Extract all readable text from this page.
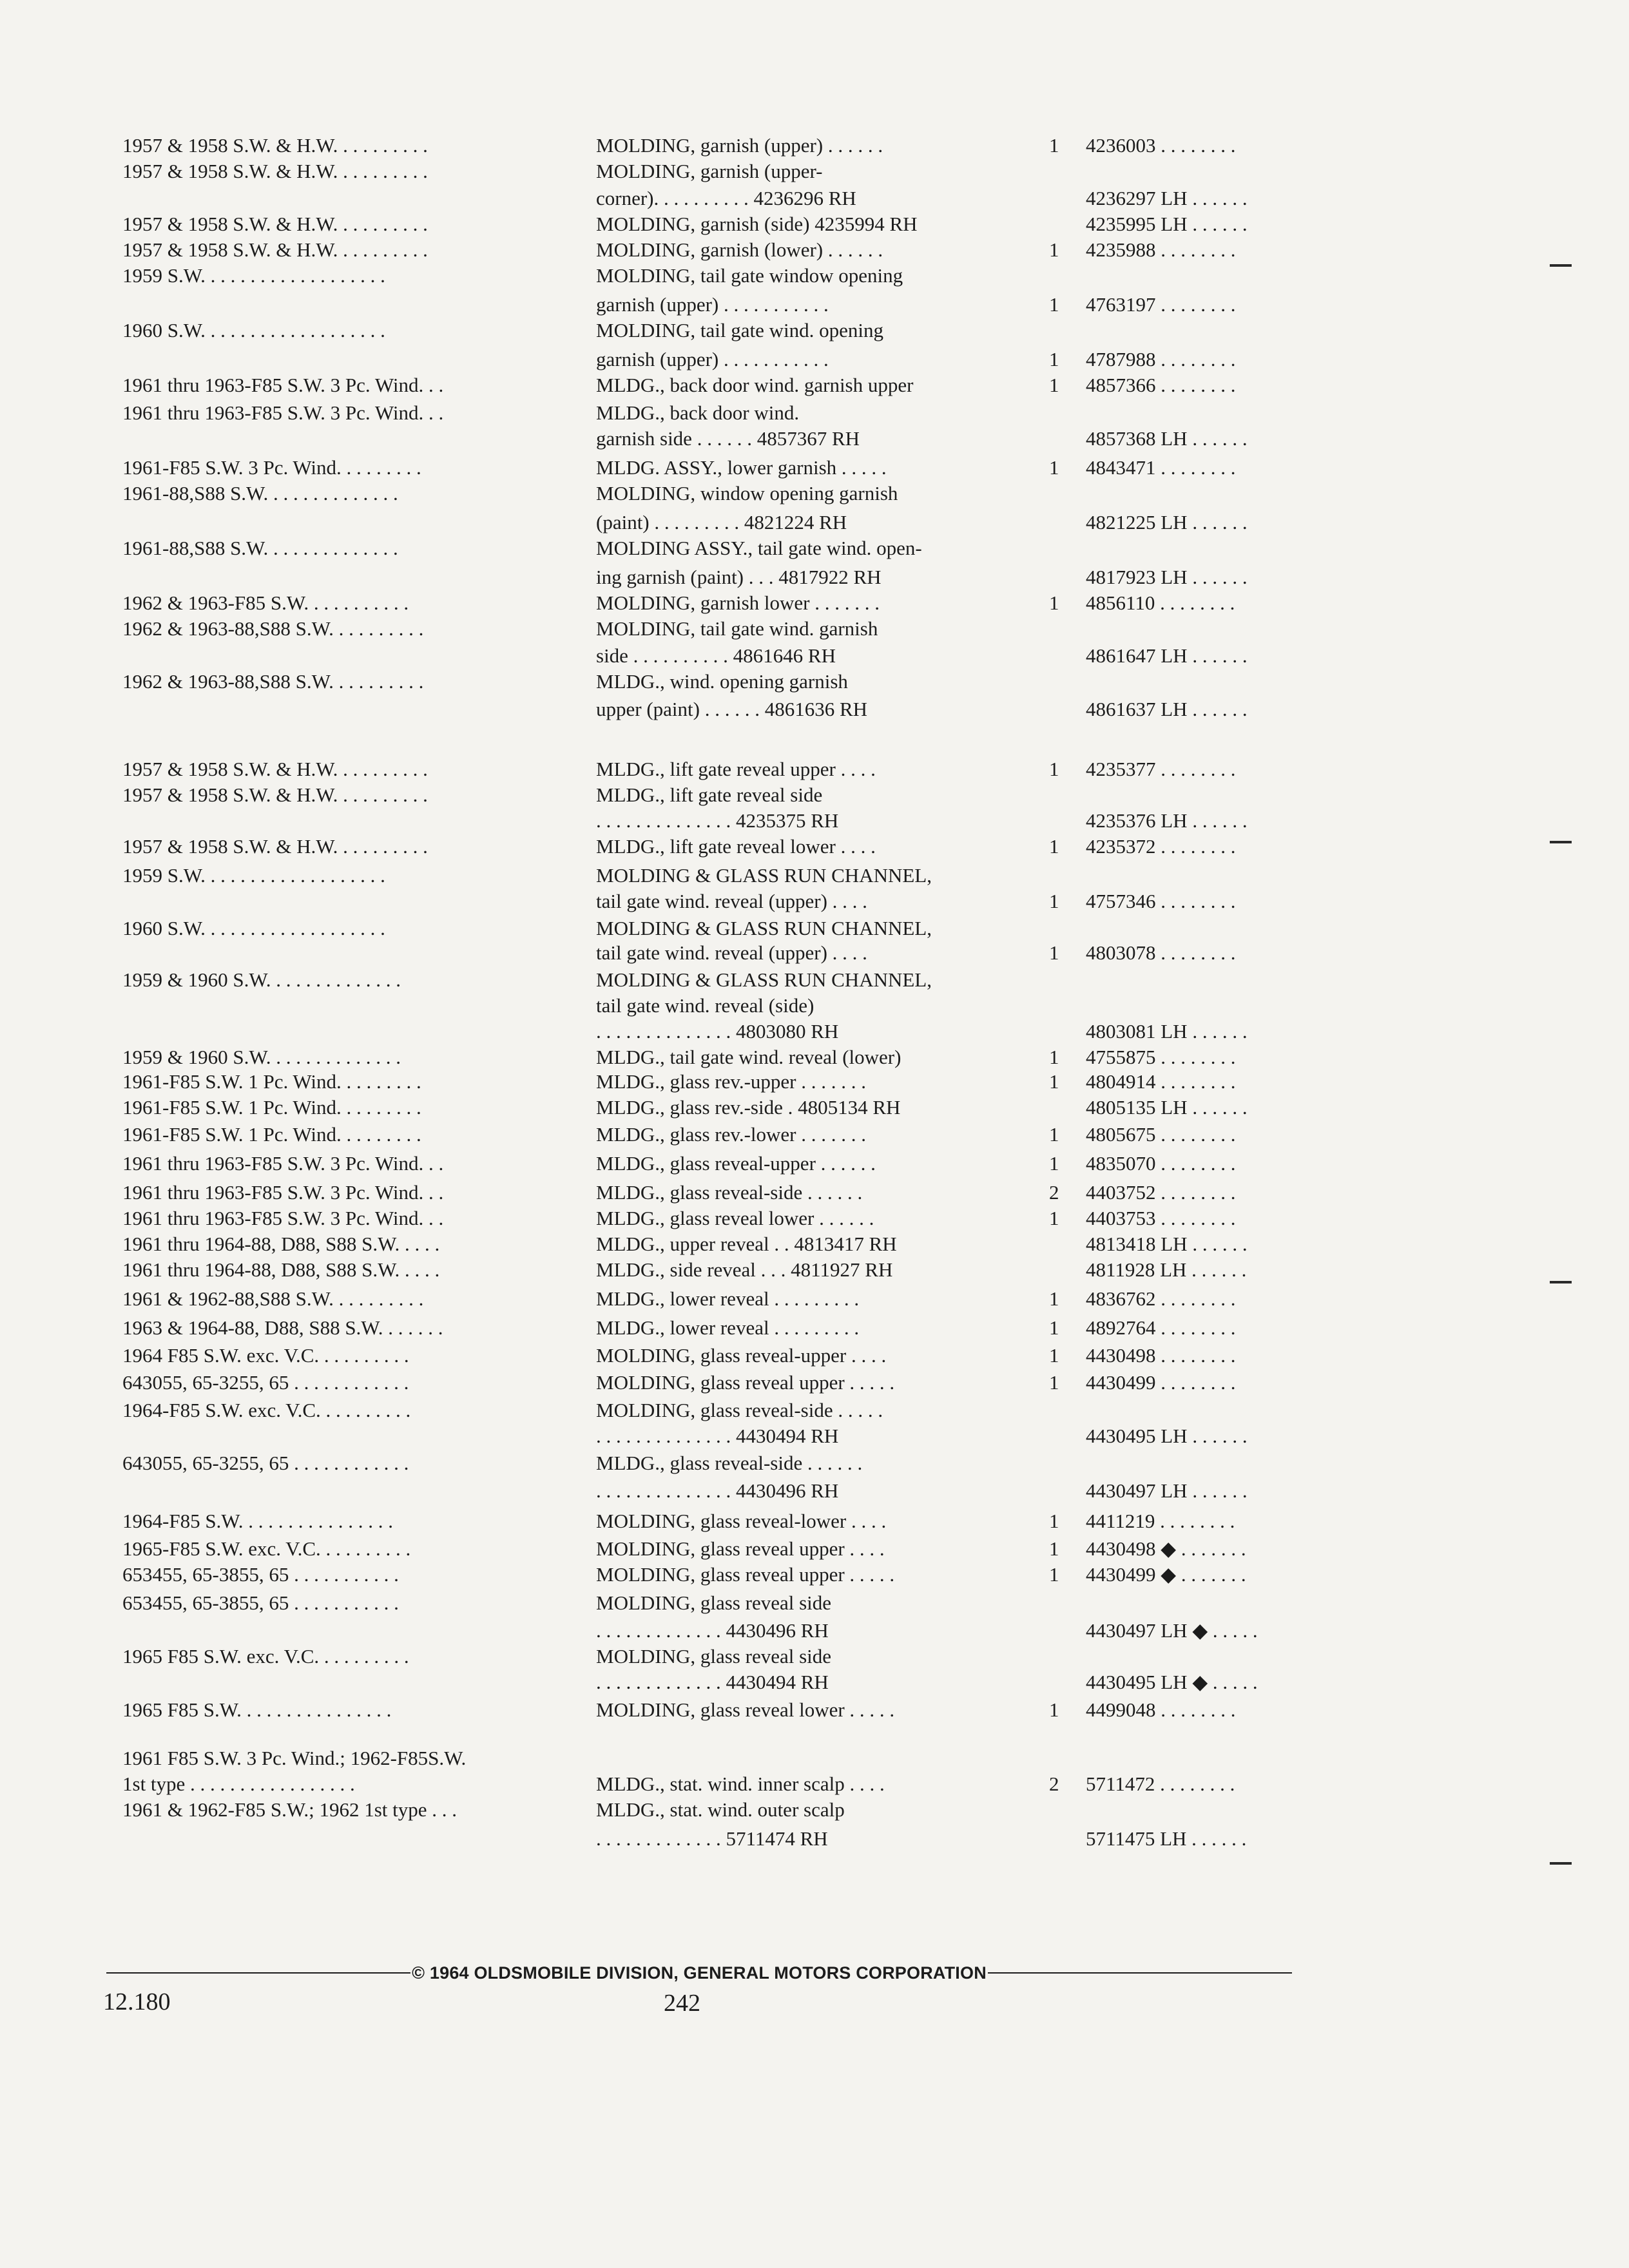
1957 & 1958 S.W. & H.W. . . . . . . . . .	MOLDING, garnish (upper) . . . . . .	1 4236003 . . . . . . . .
1957 & 1958 S.W. & H.W. . . . . . . . . .	MOLDING, garnish (upper-
corner). . . . . . . . . . 4236296 RH	4236297 LH . . . . . .
1957 & 1958 S.W. & H.W. . . . . . . . . .	MOLDING, garnish (side) 4235994 RH	4235995 LH . . . . . .
1957 & 1958 S.W. & H.W. . . . . . . . . .	MOLDING, garnish (lower) . . . . . .	1 4235988 . . . . . . . .
1959 S.W. . . . . . . . . . . . . . . . . . .	MOLDING, tail gate window opening
garnish (upper) . . . . . . . . . . .	1 4763197 . . . . . . . .
1960 S.W. . . . . . . . . . . . . . . . . . .	MOLDING, tail gate wind. opening
garnish (upper) . . . . . . . . . . .	1 4787988 . . . . . . . .
1961 thru 1963-F85 S.W. 3 Pc. Wind. . .	MLDG., back door wind. garnish upper	1 4857366 . . . . . . . .
1961 thru 1963-F85 S.W. 3 Pc. Wind. . .	MLDG., back door wind.
garnish side . . . . . . 4857367 RH	4857368 LH . . . . . .
1961-F85 S.W. 3 Pc. Wind. . . . . . . . .	MLDG. ASSY., lower garnish . . . . .	1 4843471 . . . . . . . .
1961-88,S88 S.W. . . . . . . . . . . . . .	MOLDING, window opening garnish
(paint) . . . . . . . . . 4821224 RH	4821225 LH . . . . . .
1961-88,S88 S.W. . . . . . . . . . . . . .	MOLDING ASSY., tail gate wind. open-
ing garnish (paint) . . . 4817922 RH	4817923 LH . . . . . .
1962 & 1963-F85 S.W. . . . . . . . . . .	MOLDING, garnish lower . . . . . . .	1 4856110 . . . . . . . .
1962 & 1963-88,S88 S.W. . . . . . . . . .	MOLDING, tail gate wind. garnish
side . . . . . . . . . . 4861646 RH	4861647 LH . . . . . .
1962 & 1963-88,S88 S.W. . . . . . . . . .	MLDG., wind. opening garnish
upper (paint) . . . . . . 4861636 RH	4861637 LH . . . . . .
1957 & 1958 S.W. & H.W. . . . . . . . . .	MLDG., lift gate reveal upper . . . .	1 4235377 . . . . . . . .
1957 & 1958 S.W. & H.W. . . . . . . . . .	MLDG., lift gate reveal side
. . . . . . . . . . . . . . 4235375 RH	4235376 LH . . . . . .
1957 & 1958 S.W. & H.W. . . . . . . . . .	MLDG., lift gate reveal lower . . . .	1 4235372 . . . . . . . .
1959 S.W. . . . . . . . . . . . . . . . . . .	MOLDING & GLASS RUN CHANNEL,
tail gate wind. reveal (upper) . . . .	1 4757346 . . . . . . . .
1960 S.W. . . . . . . . . . . . . . . . . . .	MOLDING & GLASS RUN CHANNEL,
tail gate wind. reveal (upper) . . . .	1 4803078 . . . . . . . .
1959 & 1960 S.W. . . . . . . . . . . . . .	MOLDING & GLASS RUN CHANNEL,
tail gate wind. reveal (side)
. . . . . . . . . . . . . . 4803080 RH	4803081 LH . . . . . .
1959 & 1960 S.W. . . . . . . . . . . . . .	MLDG., tail gate wind. reveal (lower)	1 4755875 . . . . . . . .
1961-F85 S.W. 1 Pc. Wind. . . . . . . . .	MLDG., glass rev.-upper . . . . . . .	1 4804914 . . . . . . . .
1961-F85 S.W. 1 Pc. Wind. . . . . . . . .	MLDG., glass rev.-side . 4805134 RH	4805135 LH . . . . . .
1961-F85 S.W. 1 Pc. Wind. . . . . . . . .	MLDG., glass rev.-lower . . . . . . .	1 4805675 . . . . . . . .
1961 thru 1963-F85 S.W. 3 Pc. Wind. . .	MLDG., glass reveal-upper . . . . . .	1 4835070 . . . . . . . .
1961 thru 1963-F85 S.W. 3 Pc. Wind. . .	MLDG., glass reveal-side . . . . . .	2 4403752 . . . . . . . .
1961 thru 1963-F85 S.W. 3 Pc. Wind. . .	MLDG., glass reveal lower . . . . . .	1 4403753 . . . . . . . .
1961 thru 1964-88, D88, S88 S.W. . . . .	MLDG., upper reveal . . 4813417 RH	4813418 LH . . . . . .
1961 thru 1964-88, D88, S88 S.W. . . . .	MLDG., side reveal . . . 4811927 RH	4811928 LH . . . . . .
1961 & 1962-88,S88 S.W. . . . . . . . . .	MLDG., lower reveal . . . . . . . . .	1 4836762 . . . . . . . .
1963 & 1964-88, D88, S88 S.W. . . . . . .	MLDG., lower reveal . . . . . . . . .	1 4892764 . . . . . . . .
1964 F85 S.W. exc. V.C. . . . . . . . . .	MOLDING, glass reveal-upper . . . .	1 4430498 . . . . . . . .
643055, 65-3255, 65 . . . . . . . . . . . .	MOLDING, glass reveal upper . . . . .	1 4430499 . . . . . . . .
1964-F85 S.W. exc. V.C. . . . . . . . . .	MOLDING, glass reveal-side . . . . .
. . . . . . . . . . . . . . 4430494 RH	4430495 LH . . . . . .
643055, 65-3255, 65 . . . . . . . . . . . .	MLDG., glass reveal-side . . . . . .
. . . . . . . . . . . . . . 4430496 RH	4430497 LH . . . . . .
1964-F85 S.W. . . . . . . . . . . . . . . .	MOLDING, glass reveal-lower . . . .	1 4411219 . . . . . . . .
1965-F85 S.W. exc. V.C. . . . . . . . . .	MOLDING, glass reveal upper . . . .	1 4430498 ◆ . . . . . . .
653455, 65-3855, 65 . . . . . . . . . . .	MOLDING, glass reveal upper . . . . .	1 4430499 ◆ . . . . . . .
653455, 65-3855, 65 . . . . . . . . . . .	MOLDING, glass reveal side
. . . . . . . . . . . . . 4430496 RH	4430497 LH ◆ . . . . .
1965 F85 S.W. exc. V.C. . . . . . . . . .	MOLDING, glass reveal side
. . . . . . . . . . . . . 4430494 RH	4430495 LH ◆ . . . . .
1965 F85 S.W. . . . . . . . . . . . . . . .	MOLDING, glass reveal lower . . . . .	1 4499048 . . . . . . . .
1961 F85 S.W. 3 Pc. Wind.; 1962-F85S.W.
1st type . . . . . . . . . . . . . . . . .	MLDG., stat. wind. inner scalp . . . .	2 5711472 . . . . . . . .
1961 & 1962-F85 S.W.; 1962 1st type . . .	MLDG., stat. wind. outer scalp
. . . . . . . . . . . . . 5711474 RH	5711475 LH . . . . . .
© 1964 OLDSMOBILE DIVISION, GENERAL MOTORS CORPORATION
12.180	242
